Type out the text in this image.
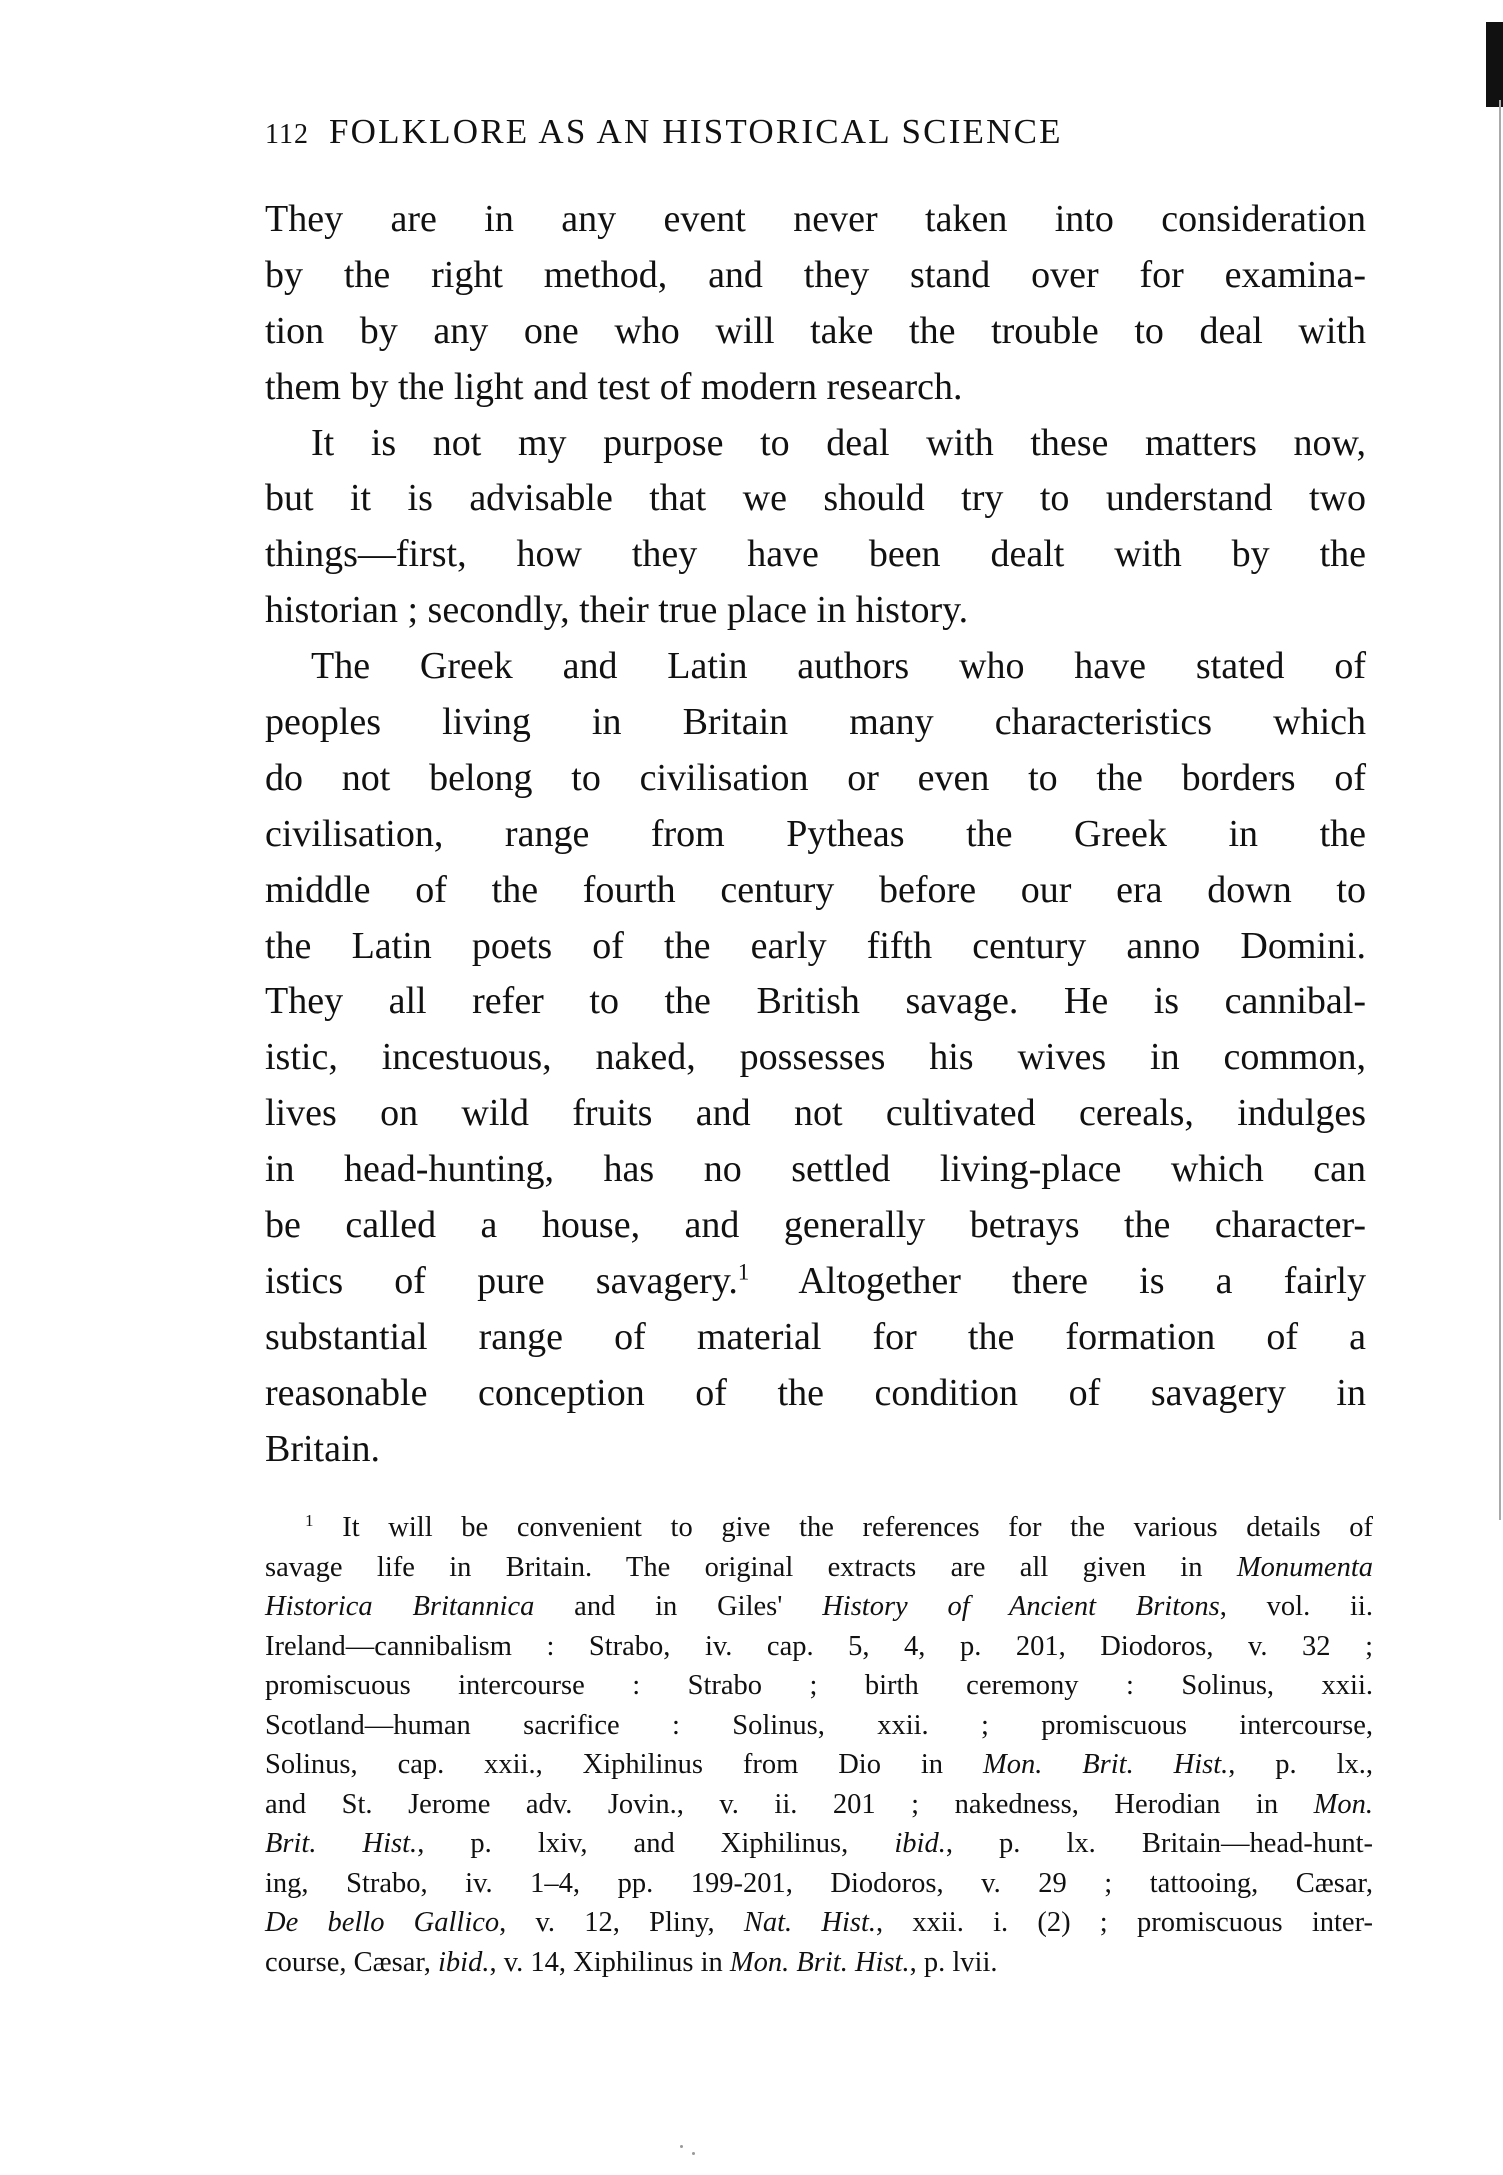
112 FOLKLORE AS AN HISTORICAL SCIENCE
They are in any event never taken into consideration
by the right method, and they stand over for examina-
tion by any one who will take the trouble to deal with
them by the light and test of modern research.
It is not my purpose to deal with these matters now,
but it is advisable that we should try to understand two
things—first, how they have been dealt with by the
historian ; secondly, their true place in history.
The Greek and Latin authors who have stated of
peoples living in Britain many characteristics which
do not belong to civilisation or even to the borders of
civilisation, range from Pytheas the Greek in the
middle of the fourth century before our era down to
the Latin poets of the early fifth century anno Domini.
They all refer to the British savage. He is cannibal-
istic, incestuous, naked, possesses his wives in common,
lives on wild fruits and not cultivated cereals, indulges
in head-hunting, has no settled living-place which can
be called a house, and generally betrays the character-
istics of pure savagery.$^1$ Altogether there is a fairly
substantial range of material for the formation of a
reasonable conception of the condition of savagery in
Britain.
$^1$ It will be convenient to give the references for the various details of
savage life in Britain. The original extracts are all given in Monumenta
Historica Britannica and in Giles' History of Ancient Britons, vol. ii.
Ireland—cannibalism : Strabo, iv. cap. 5, 4, p. 201, Diodoros, v. 32 ;
promiscuous intercourse : Strabo ; birth ceremony : Solinus, xxii.
Scotland—human sacrifice : Solinus, xxii. ; promiscuous intercourse,
Solinus, cap. xxii., Xiphilinus from Dio in Mon. Brit. Hist., p. lx.,
and St. Jerome adv. Jovin., v. ii. 201 ; nakedness, Herodian in Mon.
Brit. Hist., p. lxiv, and Xiphilinus, ibid., p. lx. Britain—head-hunt-
ing, Strabo, iv. 1–4, pp. 199-201, Diodoros, v. 29 ; tattooing, Cæsar,
De bello Gallico, v. 12, Pliny, Nat. Hist., xxii. i. (2) ; promiscuous inter-
course, Cæsar, ibid., v. 14, Xiphilinus in Mon. Brit. Hist., p. lvii.
